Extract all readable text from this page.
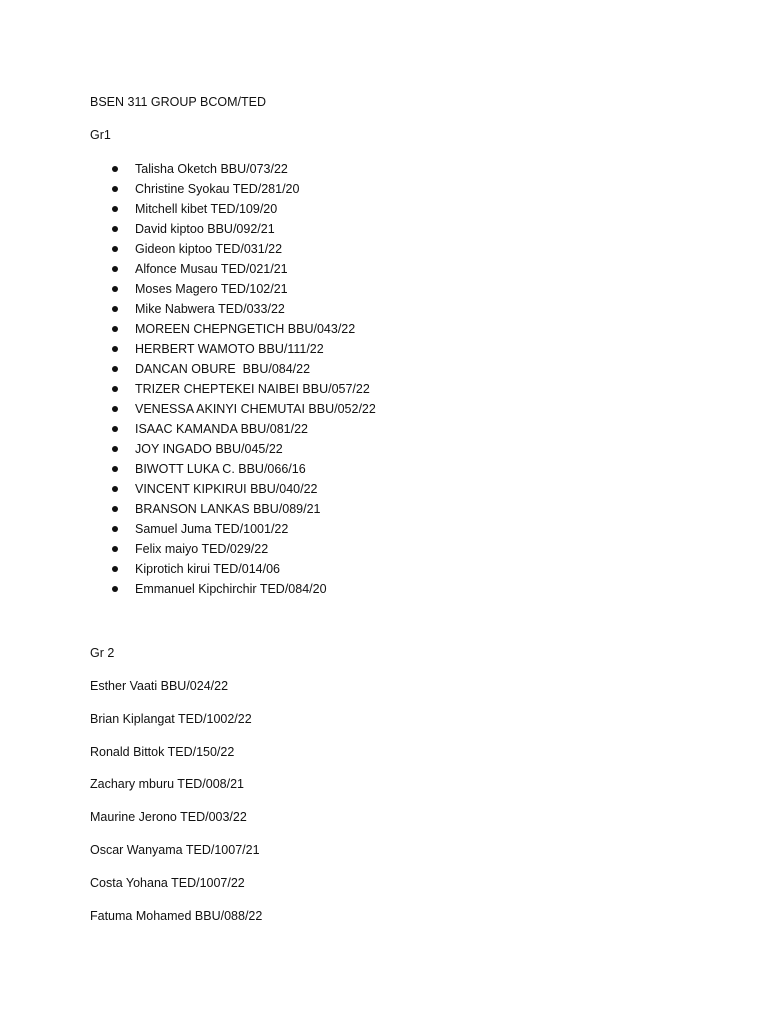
BSEN 311 GROUP BCOM/TED
Gr1
Talisha Oketch BBU/073/22
Christine Syokau TED/281/20
Mitchell kibet TED/109/20
David kiptoo BBU/092/21
Gideon kiptoo TED/031/22
Alfonce Musau TED/021/21
Moses Magero TED/102/21
Mike Nabwera TED/033/22
MOREEN CHEPNGETICH BBU/043/22
HERBERT WAMOTO BBU/111/22
DANCAN OBURE  BBU/084/22
TRIZER CHEPTEKEI NAIBEI BBU/057/22
VENESSA AKINYI CHEMUTAI BBU/052/22
ISAAC KAMANDA BBU/081/22
JOY INGADO BBU/045/22
BIWOTT LUKA C. BBU/066/16
VINCENT KIPKIRUI BBU/040/22
BRANSON LANKAS BBU/089/21
Samuel Juma TED/1001/22
Felix maiyo TED/029/22
Kiprotich kirui TED/014/06
Emmanuel Kipchirchir TED/084/20
Gr 2
Esther Vaati BBU/024/22
Brian Kiplangat TED/1002/22
Ronald Bittok TED/150/22
Zachary mburu TED/008/21
Maurine Jerono TED/003/22
Oscar Wanyama TED/1007/21
Costa Yohana TED/1007/22
Fatuma Mohamed BBU/088/22
